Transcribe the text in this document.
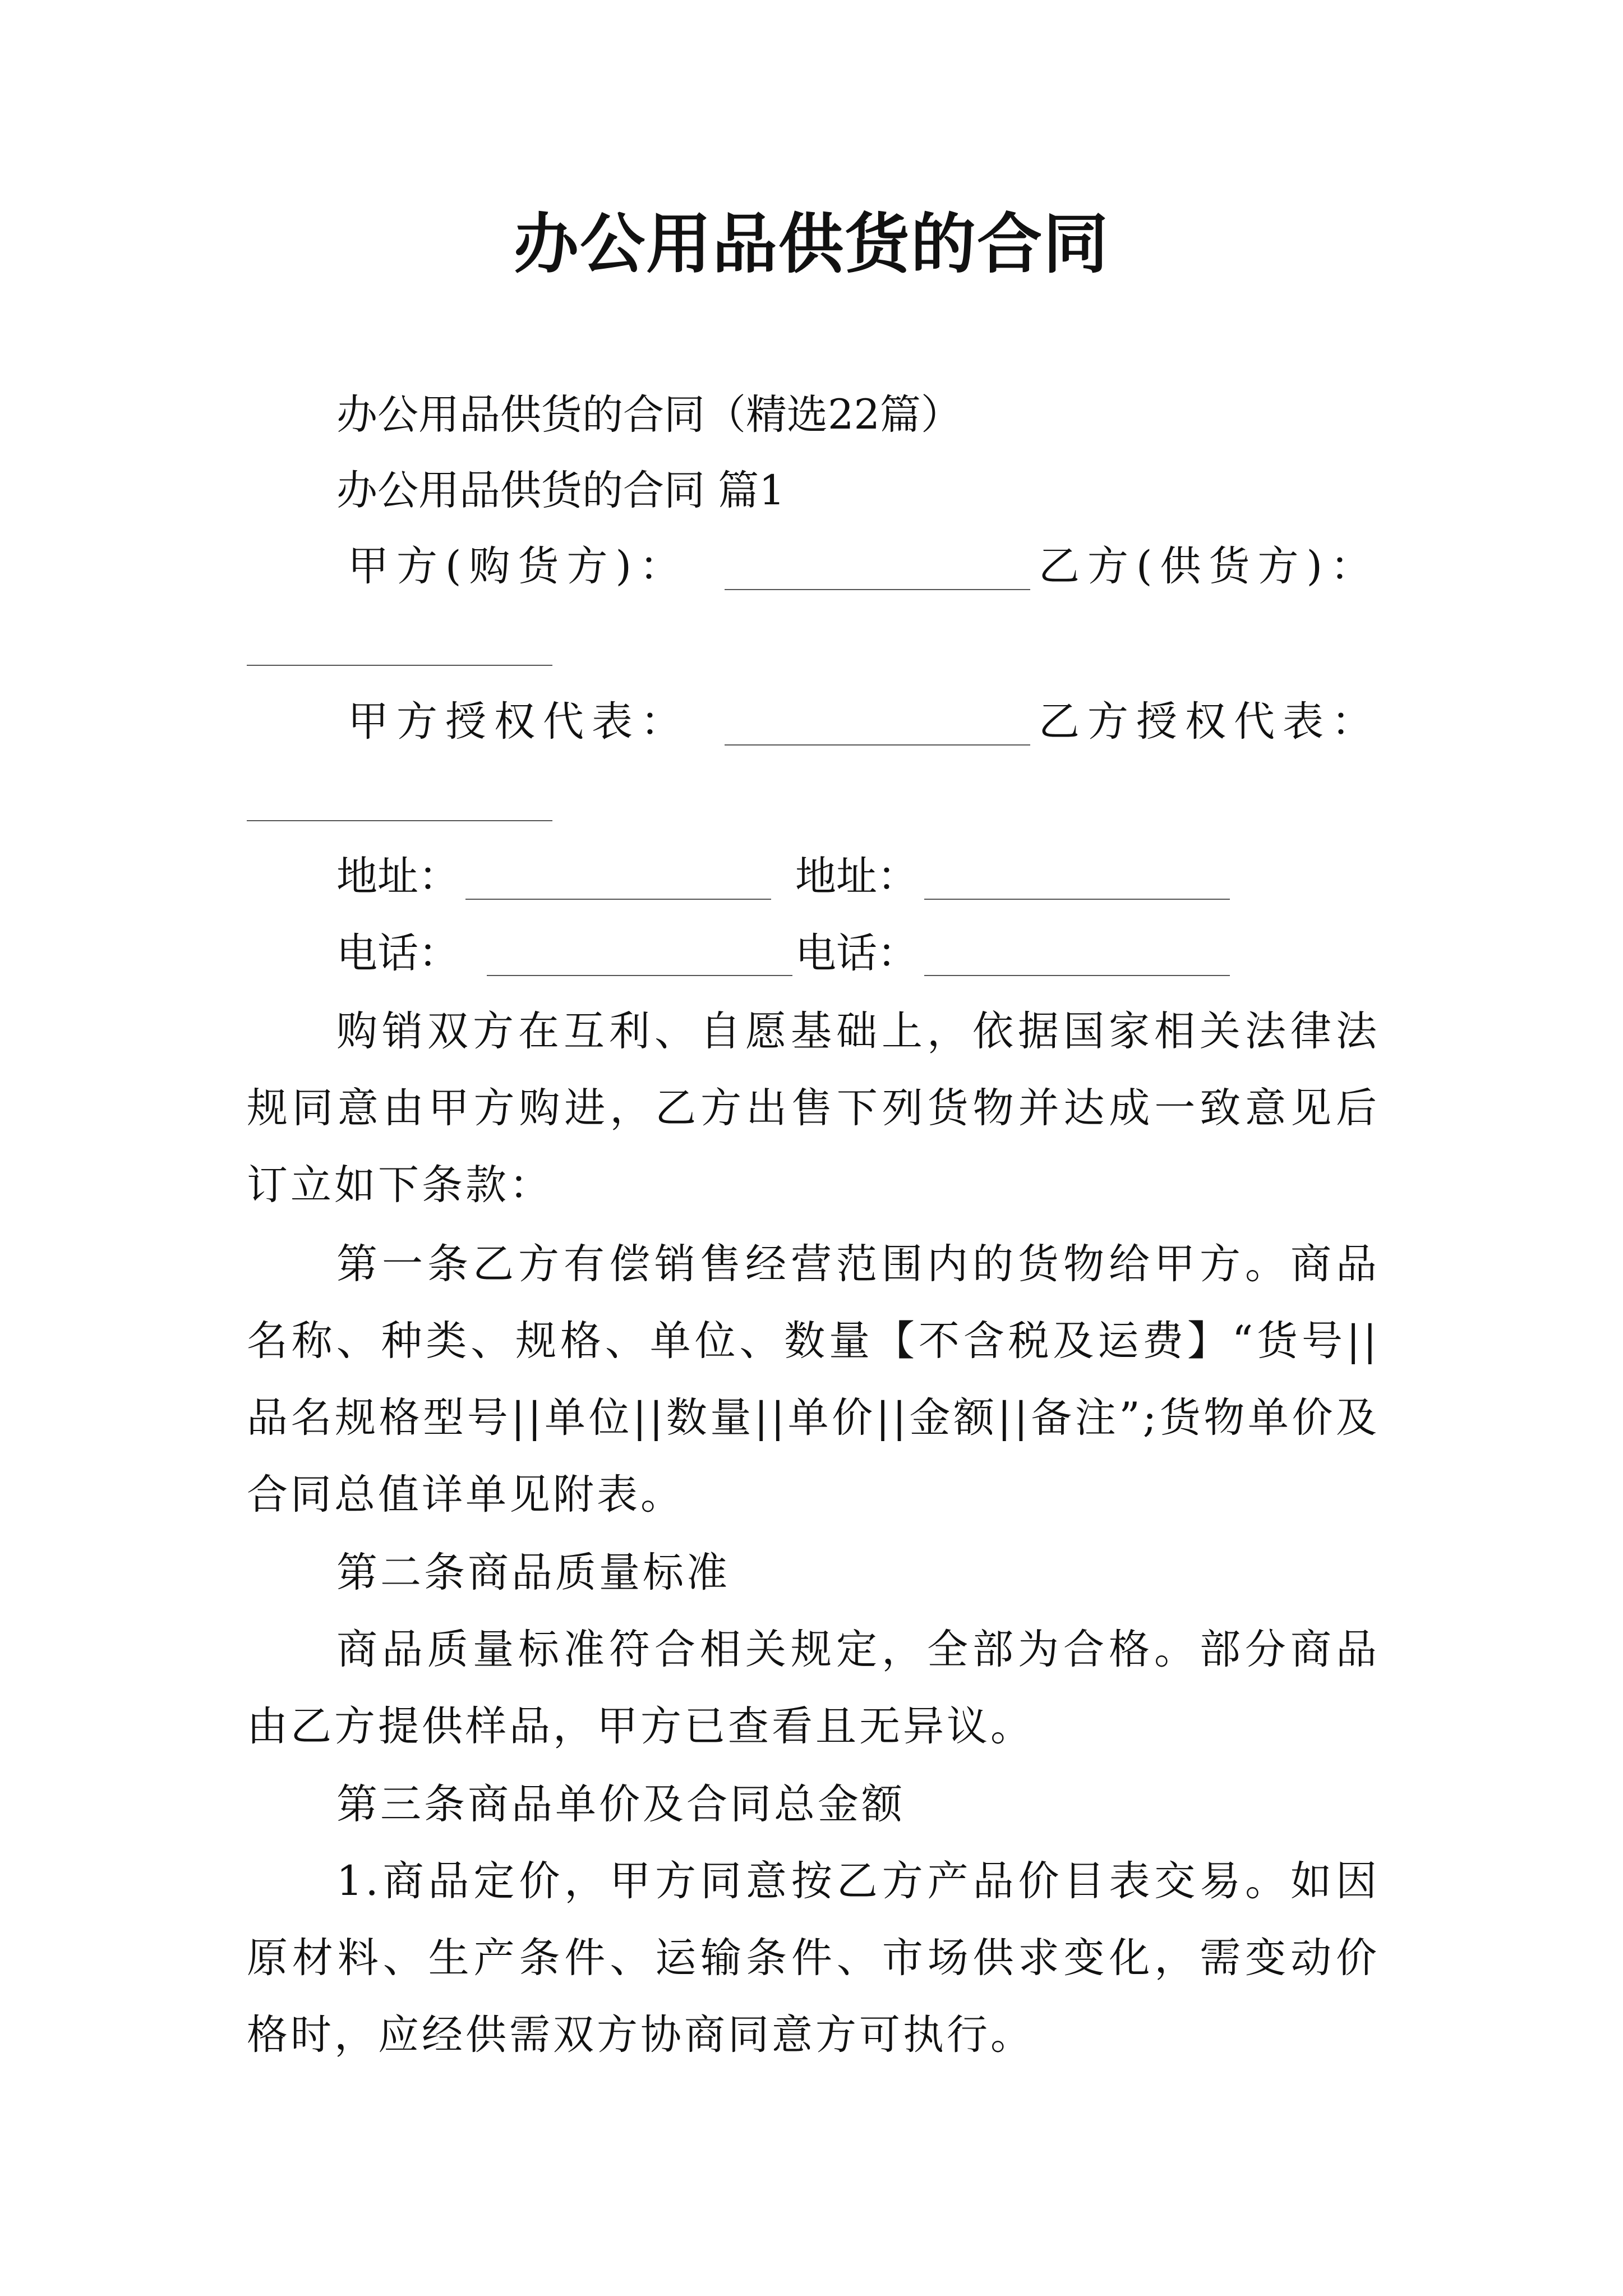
办公用品供货的合同
办公用品供货的合同（精选22篇）
办公用品供货的合同 篇1
甲方(购货方)：	乙方(供货方)：
甲方授权代表：	乙方授权代表：
地址：	地址：
电话：	电话：
购销双方在互利、自愿基础上，依据国家相关法律法规同意由甲方购进，乙方出售下列货物并达成一致意见后订立如下条款：
第一条乙方有偿销售经营范围内的货物给甲方。商品名称、种类、规格、单位、数量【不含税及运费】“货号||品名规格型号||单位||数量||单价||金额||备注”;货物单价及合同总值详单见附表。
第二条商品质量标准
商品质量标准符合相关规定，全部为合格。部分商品由乙方提供样品，甲方已查看且无异议。
第三条商品单价及合同总金额
1.商品定价，甲方同意按乙方产品价目表交易。如因原材料、生产条件、运输条件、市场供求变化，需变动价格时，应经供需双方协商同意方可执行。
